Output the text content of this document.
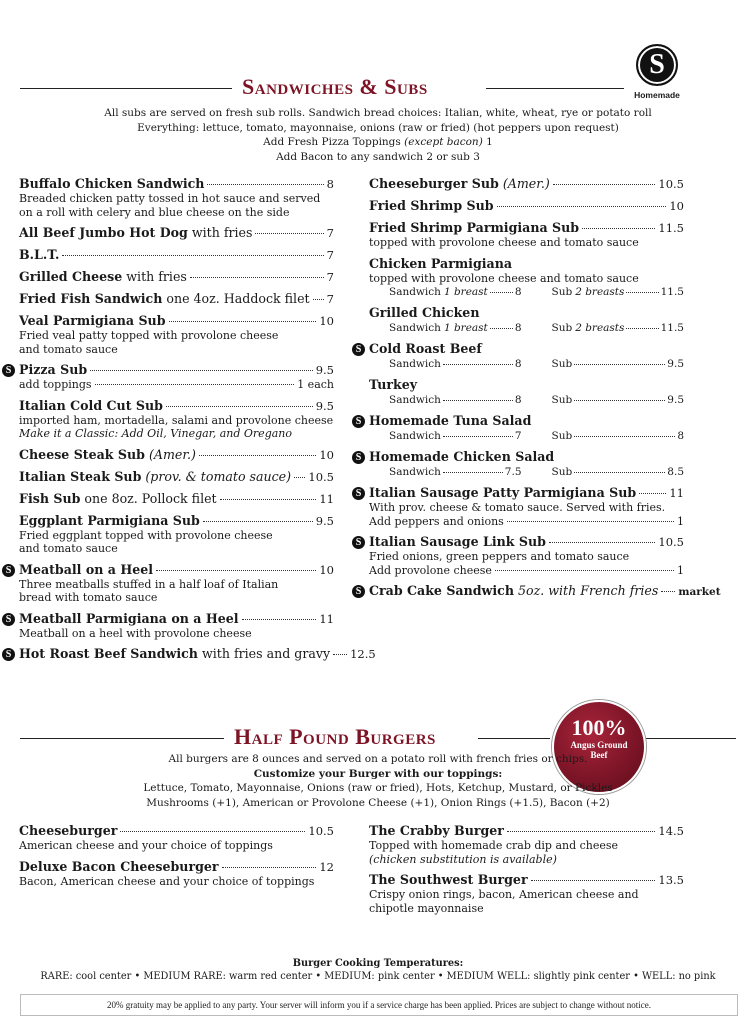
Sandwiches & Subs
S
Homemade
All subs are served on fresh sub rolls. Sandwich bread choices: Italian, white, wheat, rye or potato roll
Everything: lettuce, tomato, mayonnaise, onions (raw or fried) (hot peppers upon request)
Add Fresh Pizza Toppings (except bacon) 1
Add Bacon to any sandwich 2 or sub 3
Buffalo Chicken Sandwich	8
Breaded chicken patty tossed in hot sauce and served
on a roll with celery and blue cheese on the side
All Beef Jumbo Hot Dog with fries	7
B.L.T.	7
Grilled Cheese with fries	7
Fried Fish Sandwich one 4oz. Haddock filet 7
Veal Parmigiana Sub	10
Fried veal patty topped with provolone cheese
and tomato sauce
S Pizza Sub	9.5
add toppings	1 each
Italian Cold Cut Sub	9.5
imported ham, mortadella, salami and provolone cheese
Make it a Classic: Add Oil, Vinegar, and Oregano
Cheese Steak Sub (Amer.)	10
Italian Steak Sub (prov. & tomato sauce) 10.5
Fish Sub one 8oz. Pollock filet	11
Eggplant Parmigiana Sub	9.5
Fried eggplant topped with provolone cheese
and tomato sauce
S Meatball on a Heel	10
Three meatballs stuffed in a half loaf of Italian
bread with tomato sauce
S Meatball Parmigiana on a Heel	11
Meatball on a heel with provolone cheese
S Hot Roast Beef Sandwich with fries and gravy 12.5
Cheeseburger Sub (Amer.)	10.5
Fried Shrimp Sub	10
Fried Shrimp Parmigiana Sub	11.5
topped with provolone cheese and tomato sauce
Chicken Parmigiana
topped with provolone cheese and tomato sauce
Sandwich 1 breast	8	Sub 2 breasts	11.5
Grilled Chicken
Sandwich 1 breast	8	Sub 2 breasts	11.5
S Cold Roast Beef
Sandwich	8	Sub	9.5
Turkey
Sandwich	8	Sub	9.5
S Homemade Tuna Salad
Sandwich	7	Sub	8
S Homemade Chicken Salad
Sandwich	7.5	Sub	8.5
S Italian Sausage Patty Parmigiana Sub	11
With prov. cheese & tomato sauce. Served with fries.
Add peppers and onions	1
S Italian Sausage Link Sub	10.5
Fried onions, green peppers and tomato sauce
Add provolone cheese	1
S Crab Cake Sandwich 5oz. with French fries market
Half Pound Burgers	100%
Angus Ground
Beef
All burgers are 8 ounces and served on a potato roll with french fries or chips.
Customize your Burger with our toppings:
Lettuce, Tomato, Mayonnaise, Onions (raw or fried), Hots, Ketchup, Mustard, or Pickles
Mushrooms (+1), American or Provolone Cheese (+1), Onion Rings (+1.5), Bacon (+2)
Cheeseburger	10.5
American cheese and your choice of toppings
Deluxe Bacon Cheeseburger	12
Bacon, American cheese and your choice of toppings
The Crabby Burger	14.5
Topped with homemade crab dip and cheese
(chicken substitution is available)
The Southwest Burger	13.5
Crispy onion rings, bacon, American cheese and
chipotle mayonnaise
Burger Cooking Temperatures:
RARE: cool center • MEDIUM RARE: warm red center • MEDIUM: pink center • MEDIUM WELL: slightly pink center • WELL: no pink
20% gratuity may be applied to any party. Your server will inform you if a service charge has been applied. Prices are subject to change without notice.
